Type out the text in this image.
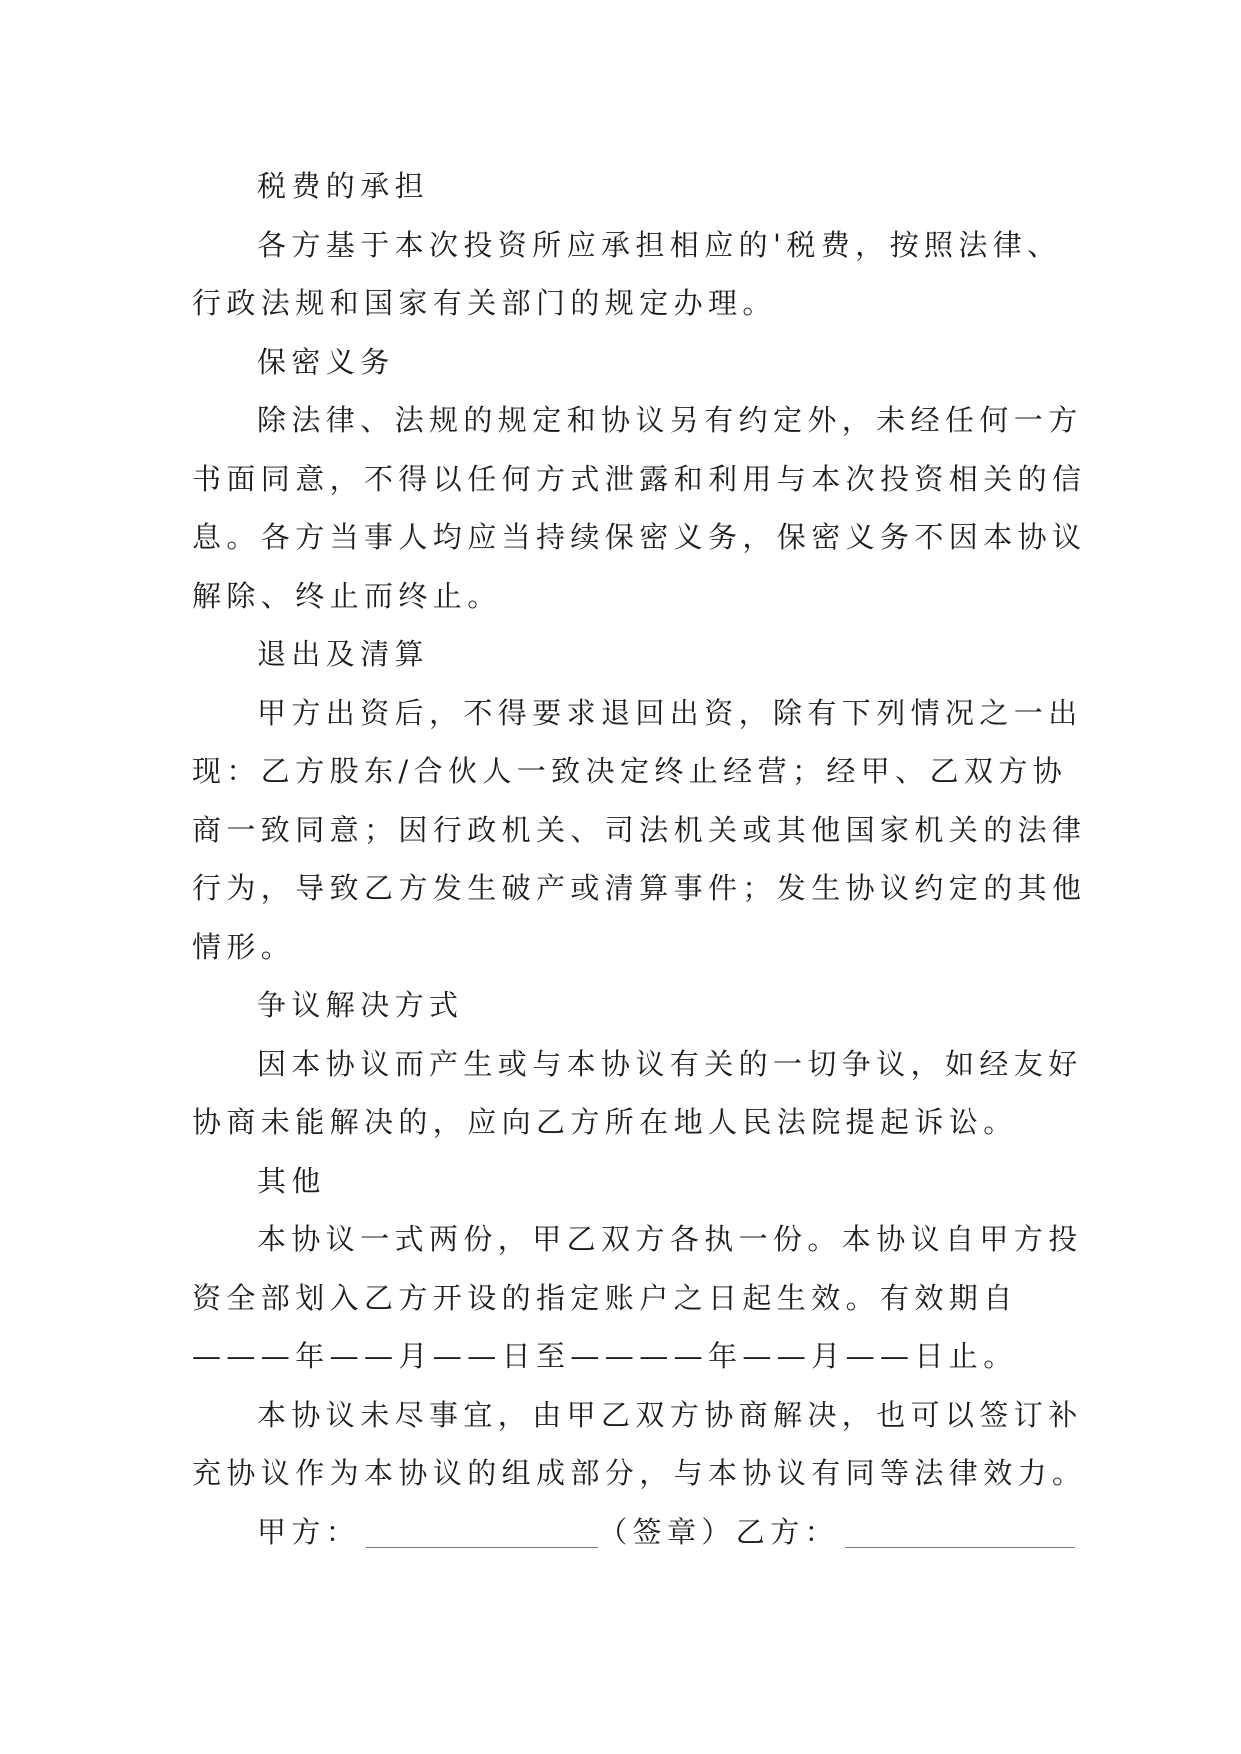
税费的承担
各方基于本次投资所应承担相应的'税费，按照法律、
行政法规和国家有关部门的规定办理。
保密义务
除法律、法规的规定和协议另有约定外，未经任何一方
书面同意，不得以任何方式泄露和利用与本次投资相关的信
息。各方当事人均应当持续保密义务，保密义务不因本协议
解除、终止而终止。
退出及清算
甲方出资后，不得要求退回出资，除有下列情况之一出
现：乙方股东/合伙人一致决定终止经营；经甲、乙双方协
商一致同意；因行政机关、司法机关或其他国家机关的法律
行为，导致乙方发生破产或清算事件；发生协议约定的其他
情形。
争议解决方式
因本协议而产生或与本协议有关的一切争议，如经友好
协商未能解决的，应向乙方所在地人民法院提起诉讼。
其他
本协议一式两份，甲乙双方各执一份。本协议自甲方投
资全部划入乙方开设的指定账户之日起生效。有效期自
———年——月——日至————年——月——日止。
本协议未尽事宜，由甲乙双方协商解决，也可以签订补
充协议作为本协议的组成部分，与本协议有同等法律效力。
甲方：	（签章）乙方：
